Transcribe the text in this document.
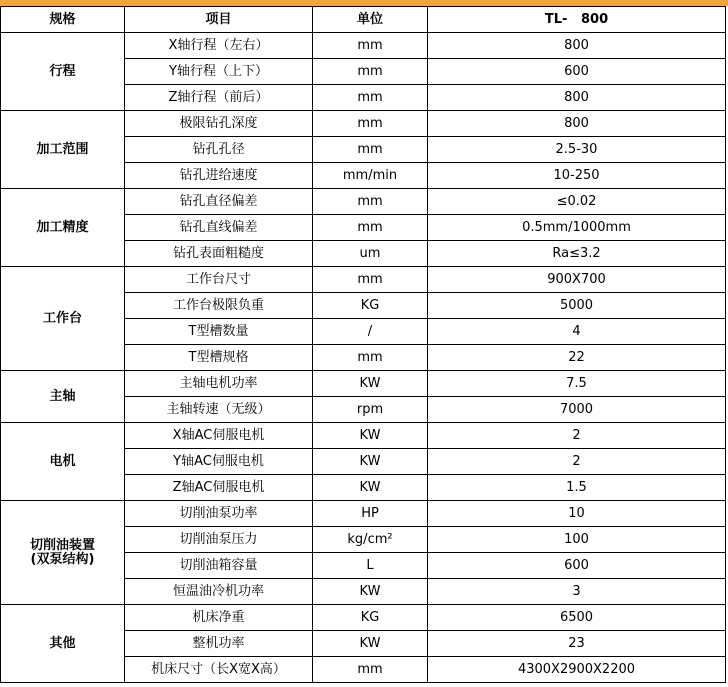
规格	项目	单位	TL-   800
行程	X轴行程（左右）	mm	800
	Y轴行程（上下）	mm	600
	Z轴行程（前后）	mm	800
加工范围	极限钻孔深度	mm	800
	钻孔孔径	mm	2.5-30
	钻孔进给速度	mm/min	10-250
加工精度	钻孔直径偏差	mm	≤0.02
	钻孔直线偏差	mm	0.5mm/1000mm
	钻孔表面粗糙度	um	Ra≤3.2
工作台	工作台尺寸	mm	900X700
	工作台极限负重	KG	5000
	T型槽数量	/	4
	T型槽规格	mm	22
主轴	主轴电机功率	KW	7.5
	主轴转速（无级）	rpm	7000
电机	X轴AC伺服电机	KW	2
	Y轴AC伺服电机	KW	2
	Z轴AC伺服电机	KW	1.5
切削油装置
(双泵结构)	切削油泵功率	HP	10
	切削油泵压力	kg/cm²	100
	切削油箱容量	L	600
	恒温油冷机功率	KW	3
其他	机床净重	KG	6500
	整机功率	KW	23
	机床尺寸（长X宽X高）	mm	4300X2900X2200
